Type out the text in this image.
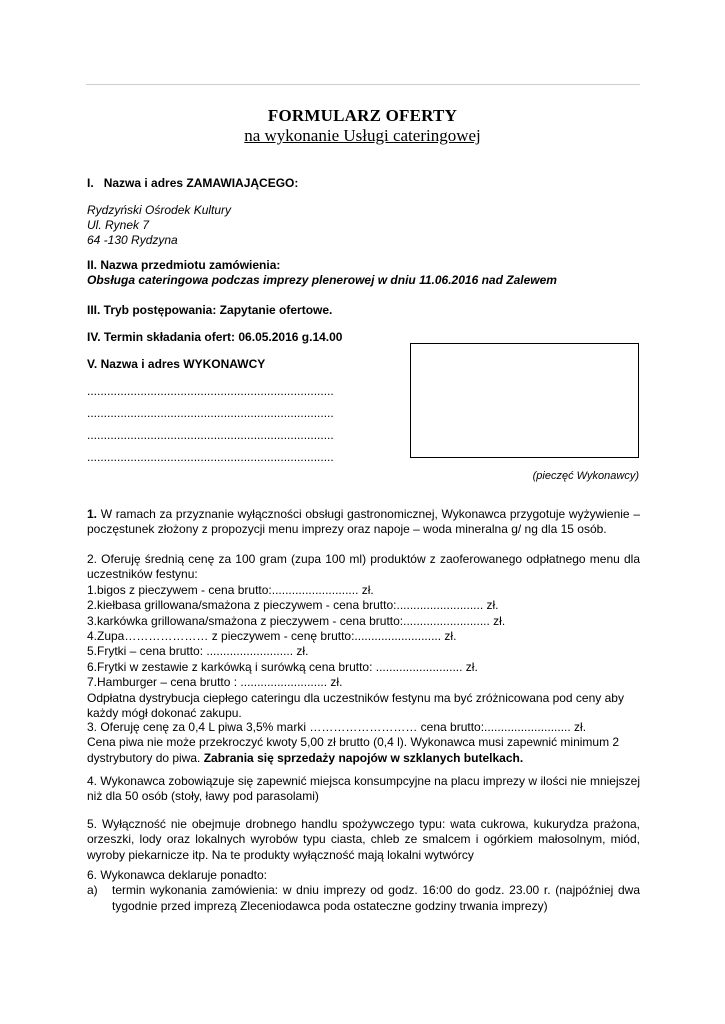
FORMULARZ OFERTY
na wykonanie Usługi cateringowej
I. Nazwa i adres ZAMAWIAJĄCEGO:
Rydzyński Ośrodek Kultury
Ul. Rynek 7
64 -130 Rydzyna
II. Nazwa przedmiotu zamówienia:
Obsługa cateringowa podczas imprezy plenerowej w dniu 11.06.2016 nad Zalewem
III. Tryb postępowania: Zapytanie ofertowe.
IV. Termin składania ofert: 06.05.2016 g.14.00
V. Nazwa i adres WYKONAWCY
..........................................................................
..........................................................................
..........................................................................
..........................................................................
(pieczęć Wykonawcy)

1. W ramach za przyznanie wyłączności obsługi gastronomicznej, Wykonawca przygotuje wyżywienie – poczęstunek złożony z propozycji menu imprezy oraz napoje – woda mineralna g/ ng dla 15 osób.

2. Oferuję średnią cenę za 100 gram (zupa 100 ml) produktów z zaoferowanego odpłatnego menu dla uczestników festynu:

1.bigos z pieczywem - cena brutto:.......................... zł.
2.kiełbasa grillowana/smażona z pieczywem - cena brutto:.......................... zł.
3.karkówka grillowana/smażona z pieczywem - cena brutto:.......................... zł.
4.Zupa………………… z pieczywem - cenę brutto:.......................... zł.
5.Frytki – cena brutto: .......................... zł.
6.Frytki w zestawie z karkówką i surówką cena brutto: .......................... zł.
7.Hamburger – cena brutto : .......................... zł.

Odpłatna dystrybucja ciepłego cateringu dla uczestników festynu ma być zróżnicowana pod ceny aby każdy mógł dokonać zakupu.

3. Oferuję cenę za 0,4 L piwa 3,5% marki ……………………… cena brutto:.......................... zł.

Cena piwa nie może przekroczyć kwoty 5,00 zł brutto (0,4 l). Wykonawca musi zapewnić minimum 2 dystrybutory do piwa. Zabrania się sprzedaży napojów w szklanych butelkach.

4. Wykonawca zobowiązuje się zapewnić miejsca konsumpcyjne na placu imprezy w ilości nie mniejszej niż dla 50 osób (stoły, ławy pod parasolami)

5. Wyłączność nie obejmuje drobnego handlu spożywczego typu: wata cukrowa, kukurydza prażona, orzeszki, lody oraz lokalnych wyrobów typu ciasta, chleb ze smalcem i ogórkiem małosolnym, miód, wyroby piekarnicze itp. Na te produkty wyłączność mają lokalni wytwórcy

6. Wykonawca deklaruje ponadto:

a)	termin wykonania zamówienia: w dniu imprezy od godz. 16:00 do godz. 23.00 r. (najpóźniej dwa tygodnie przed imprezą Zleceniodawca poda ostateczne godziny trwania imprezy)
